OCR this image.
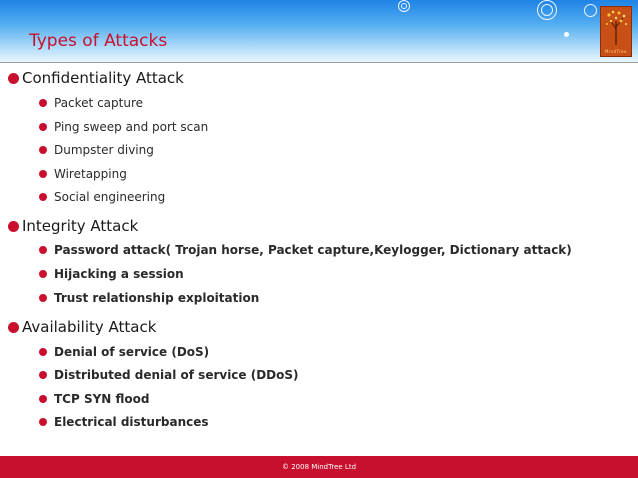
Types of Attacks
MindTree
Confidentiality Attack
Packet capture
Ping sweep and port scan
Dumpster diving
Wiretapping
Social engineering
Integrity Attack
Password attack( Trojan horse, Packet capture,Keylogger, Dictionary attack)
Hijacking a session
Trust relationship exploitation
Availability Attack
Denial of service (DoS)
Distributed denial of service (DDoS)
TCP SYN flood
Electrical disturbances
© 2008 MindTree Ltd
